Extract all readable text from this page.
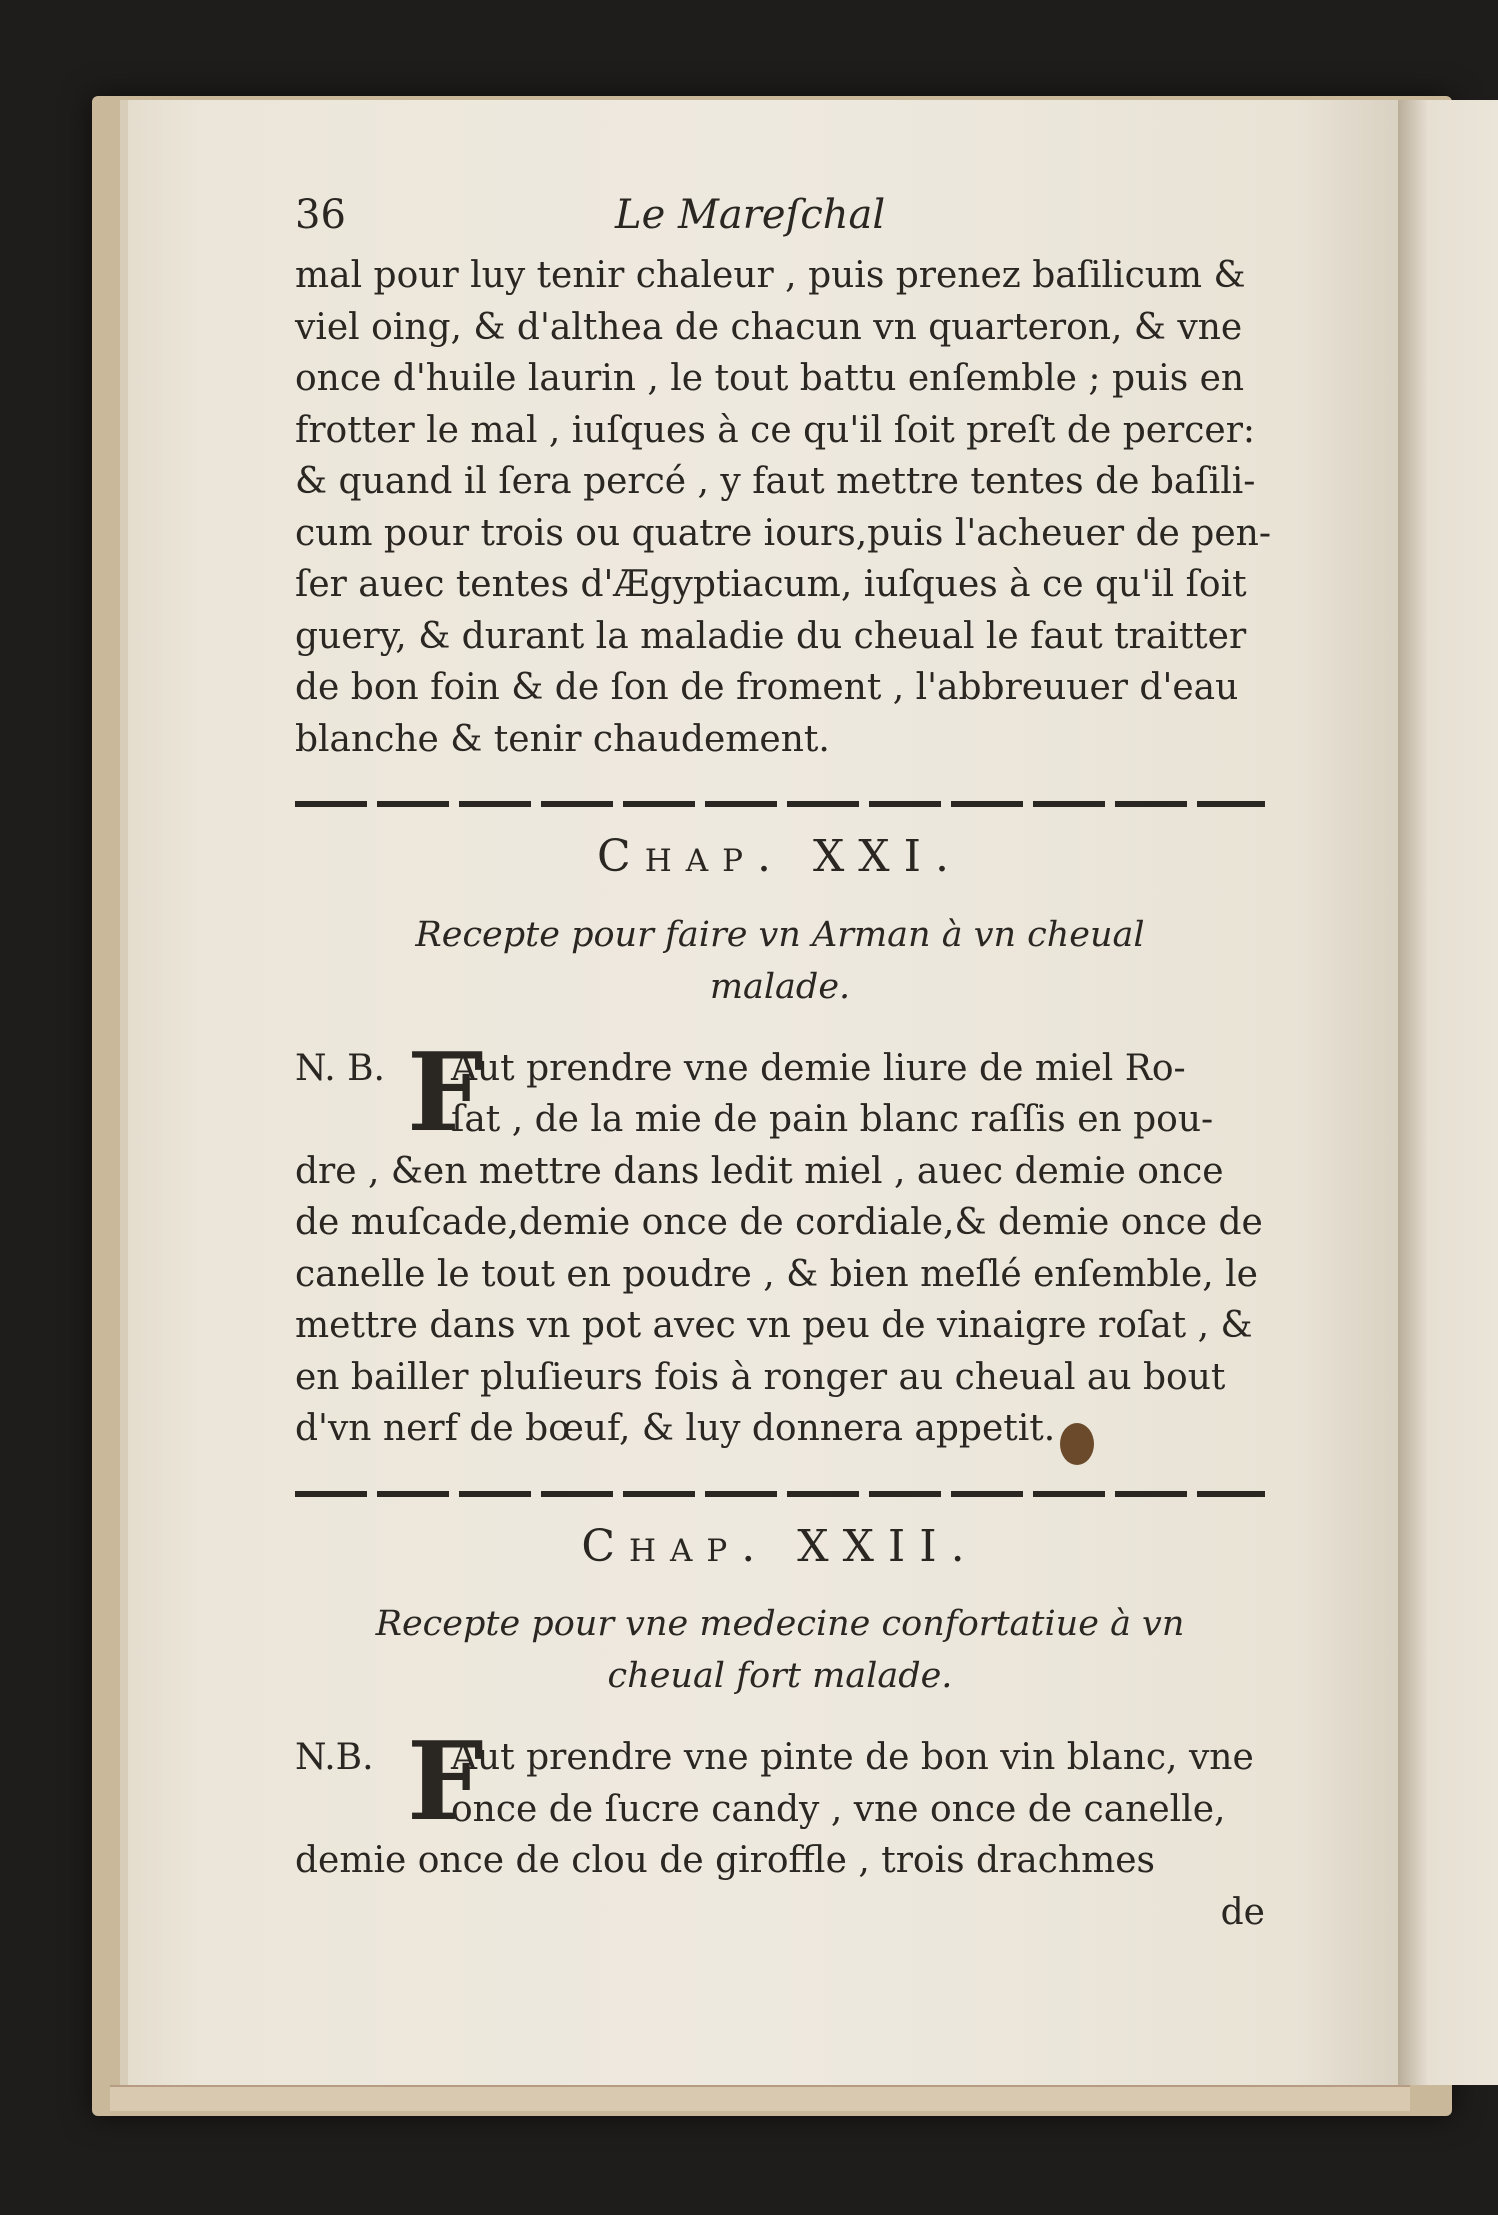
36	Le Mareſchal

mal pour luy tenir chaleur , puis prenez baſilicum &
viel oing, & d'althea de chacun vn quarteron, & vne
once d'huile laurin , le tout battu enſemble ; puis en
frotter le mal , iuſques à ce qu'il ſoit preſt de percer:
& quand il ſera percé , y faut mettre tentes de baſili-
cum pour trois ou quatre iours,puis l'acheuer de pen-
ſer auec tentes d'Ægyptiacum, iuſques à ce qu'il ſoit
guery, & durant la maladie du cheual le faut traitter
de bon foin & de ſon de froment , l'abbreuuer d'eau
blanche & tenir chaudement.

Chap. XXI.
Recepte pour faire vn Arman à vn cheual
malade.
N. B. F
Aut prendre vne demie liure de miel Ro-
ſat , de la mie de pain blanc raſſis en pou-
dre , &en mettre dans ledit miel , auec demie once
de muſcade,demie once de cordiale,& demie once de
canelle le tout en poudre , & bien meſlé enſemble, le
mettre dans vn pot avec vn peu de vinaigre roſat , &
en bailler pluſieurs fois à ronger au cheual au bout
d'vn nerf de bœuf, & luy donnera appetit.
Chap. XXII.
Recepte pour vne medecine confortatiue à vn
cheual fort malade.
N.B. F
Aut prendre vne pinte de bon vin blanc, vne
once de ſucre candy , vne once de canelle,
demie once de clou de giroffle , trois drachmes
de
